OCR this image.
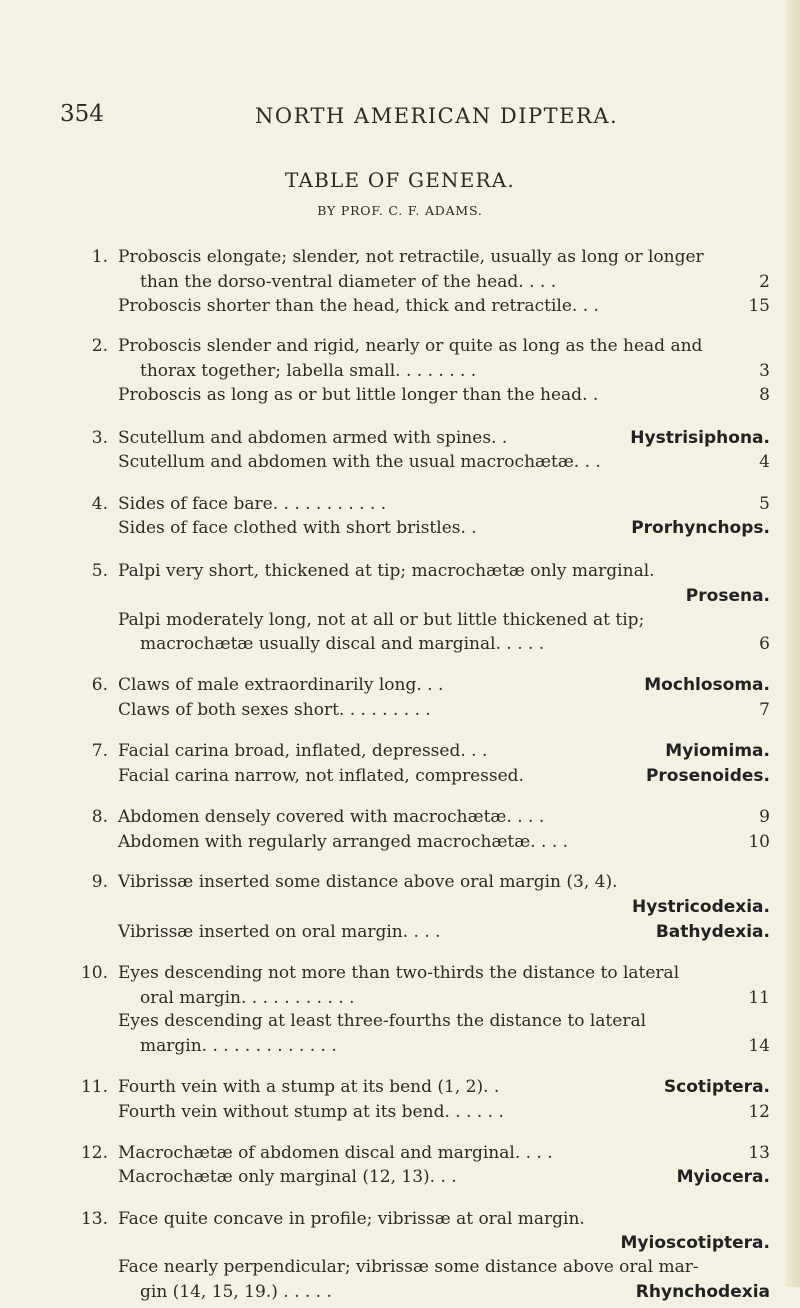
354	NORTH AMERICAN DIPTERA.
TABLE OF GENERA.
BY PROF. C. F. ADAMS.
1. Proboscis elongate; slender, not retractile, usually as long or longer
than the dorso-ventral diameter of the head. . . .	2
Proboscis shorter than the head, thick and retractile. . .	15
2. Proboscis slender and rigid, nearly or quite as long as the head and
thorax together; labella small. . . . . . . .	3
Proboscis as long as or but little longer than the head. .	8
3. Scutellum and abdomen armed with spines. .	Hystrisiphona.
Scutellum and abdomen with the usual macrochætæ. . .	4
4. Sides of face bare. . . . . . . . . . .	5
Sides of face clothed with short bristles. .	Prorhynchops.
5. Palpi very short, thickened at tip; macrochætæ only marginal.
Prosena.
Palpi moderately long, not at all or but little thickened at tip;
macrochætæ usually discal and marginal. . . . .	6
6. Claws of male extraordinarily long. . .	Mochlosoma.
Claws of both sexes short. . . . . . . . .	7
7. Facial carina broad, inflated, depressed. . .	Myiomima.
Facial carina narrow, not inflated, compressed.	Prosenoides.
8. Abdomen densely covered with macrochætæ. . . .	9
Abdomen with regularly arranged macrochætæ. . . .	10
9. Vibrissæ inserted some distance above oral margin (3, 4).
Hystricodexia.
Vibrissæ inserted on oral margin. . . .	Bathydexia.
10. Eyes descending not more than two-thirds the distance to lateral
oral margin. . . . . . . . . . .	11
Eyes descending at least three-fourths the distance to lateral
margin. . . . . . . . . . . . .	14
11. Fourth vein with a stump at its bend (1, 2). .	Scotiptera.
Fourth vein without stump at its bend. . . . . .	12
12. Macrochætæ of abdomen discal and marginal. . . .	13
Macrochætæ only marginal (12, 13). . .	Myiocera.
13. Face quite concave in profile; vibrissæ at oral margin.
Myioscotiptera.
Face nearly perpendicular; vibrissæ some distance above oral mar-
gin (14, 15, 19.) . . . . .	Rhynchodexia
